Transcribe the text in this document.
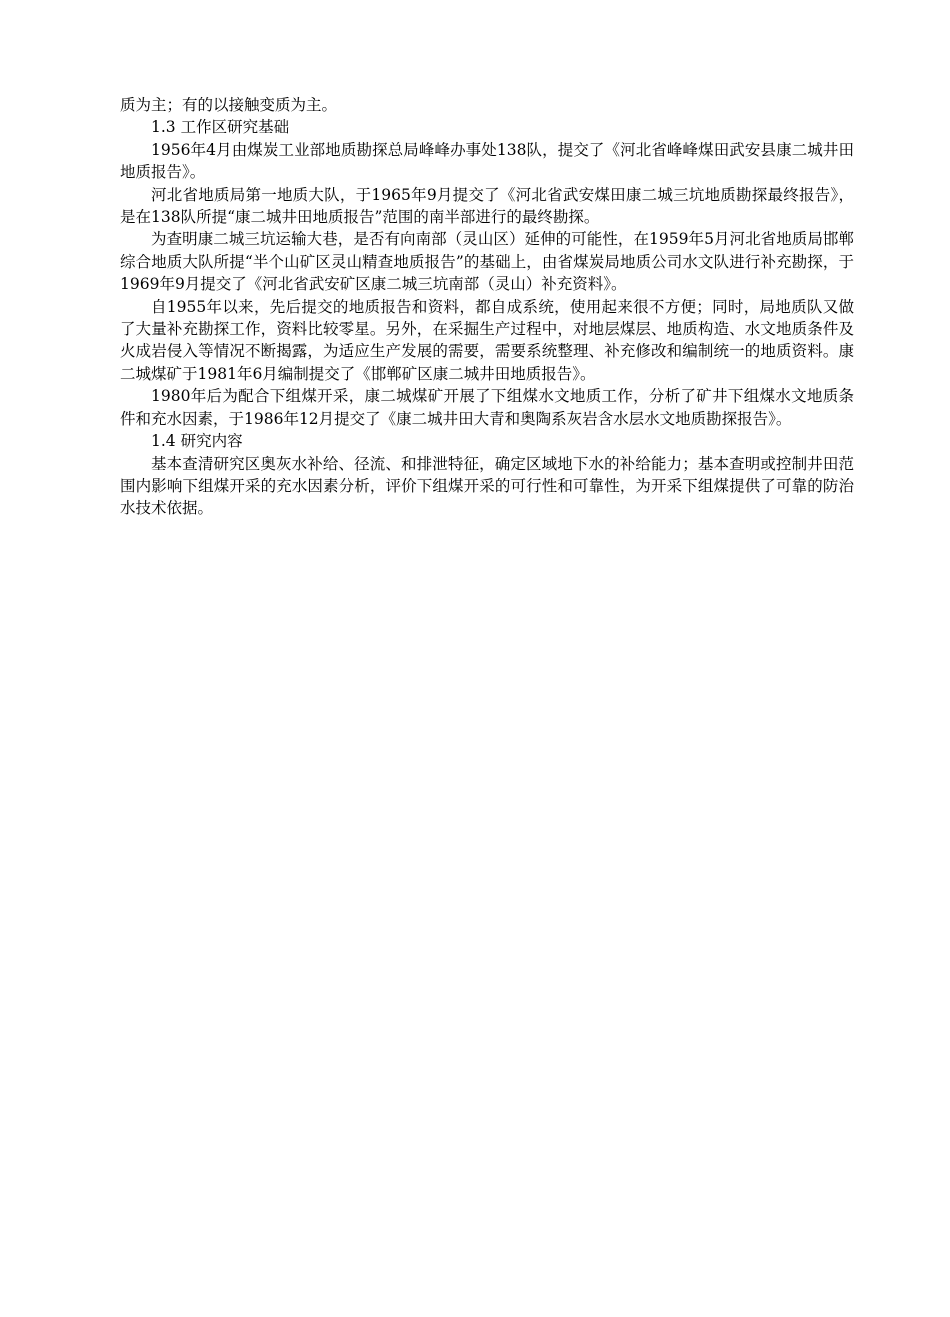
质为主；有的以接触变质为主。

1.3 工作区研究基础

1956年4月由煤炭工业部地质勘探总局峰峰办事处138队，提交了《河北省峰峰煤田武安县康二城井田地质报告》。

河北省地质局第一地质大队，于1965年9月提交了《河北省武安煤田康二城三坑地质勘探最终报告》，是在138队所提“康二城井田地质报告”范围的南半部进行的最终勘探。

为查明康二城三坑运输大巷，是否有向南部（灵山区）延伸的可能性，在1959年5月河北省地质局邯郸综合地质大队所提“半个山矿区灵山精查地质报告”的基础上，由省煤炭局地质公司水文队进行补充勘探，于1969年9月提交了《河北省武安矿区康二城三坑南部（灵山）补充资料》。

自1955年以来，先后提交的地质报告和资料，都自成系统，使用起来很不方便；同时，局地质队又做了大量补充勘探工作，资料比较零星。另外，在采掘生产过程中，对地层煤层、地质构造、水文地质条件及火成岩侵入等情况不断揭露，为适应生产发展的需要，需要系统整理、补充修改和编制统一的地质资料。康二城煤矿于1981年6月编制提交了《邯郸矿区康二城井田地质报告》。

1980年后为配合下组煤开采，康二城煤矿开展了下组煤水文地质工作，分析了矿井下组煤水文地质条件和充水因素，于1986年12月提交了《康二城井田大青和奥陶系灰岩含水层水文地质勘探报告》。

1.4 研究内容

基本查清研究区奥灰水补给、径流、和排泄特征，确定区域地下水的补给能力；基本查明或控制井田范围内影响下组煤开采的充水因素分析，评价下组煤开采的可行性和可靠性，为开采下组煤提供了可靠的防治水技术依据。
